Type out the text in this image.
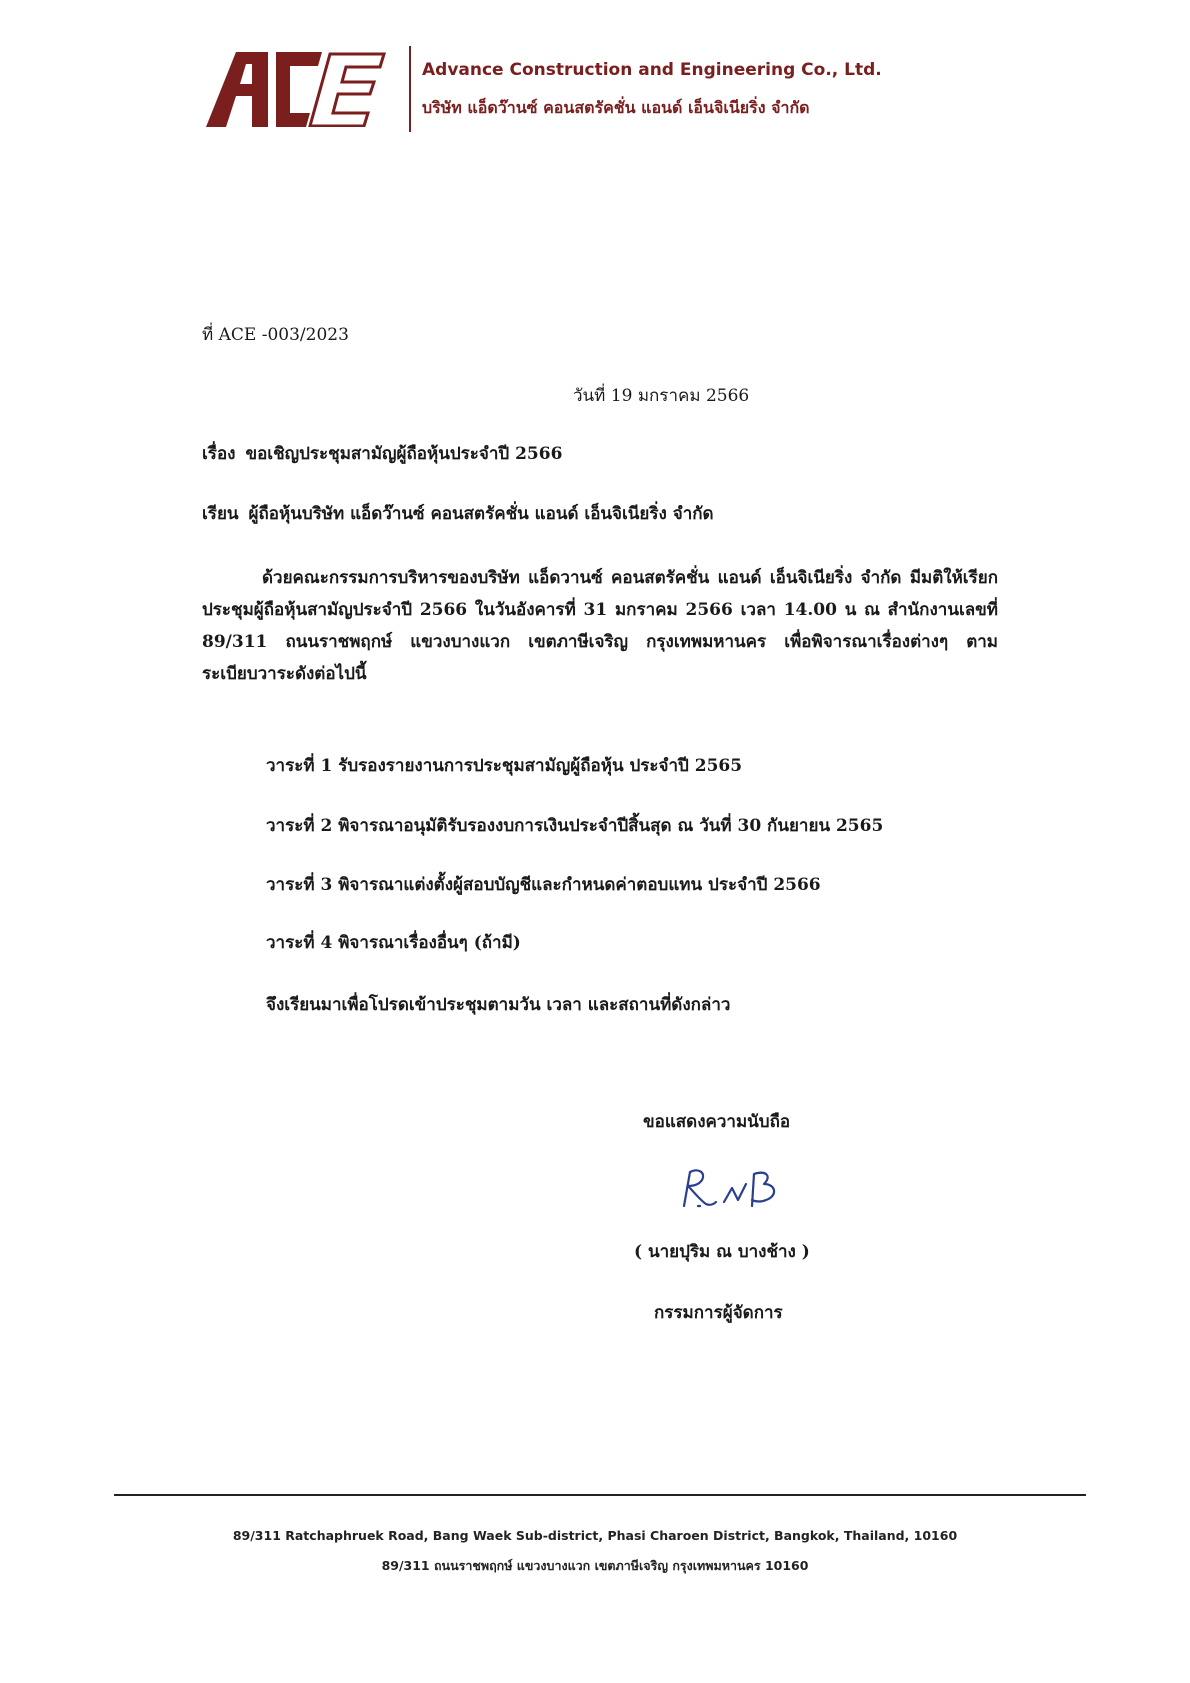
Advance Construction and Engineering Co., Ltd.
บริษัท แอ็ดว๊านซ์ คอนสตรัคชั่น แอนด์ เอ็นจิเนียริ่ง จำกัด
ที่ ACE -003/2023
วันที่ 19 มกราคม 2566
เรื่อง ขอเชิญประชุมสามัญผู้ถือหุ้นประจำปี 2566
เรียน ผู้ถือหุ้นบริษัท แอ็ดว๊านซ์ คอนสตรัคชั่น แอนด์ เอ็นจิเนียริ่ง จำกัด

ด้วยคณะกรรมการบริหารของบริษัท แอ็ดวานซ์ คอนสตรัคชั่น แอนด์ เอ็นจิเนียริ่ง จำกัด มีมติให้เรียกประชุมผู้ถือหุ้นสามัญประจำปี 2566 ในวันอังคารที่ 31 มกราคม 2566 เวลา 14.00 น ณ สำนักงานเลขที่ 89/311 ถนนราชพฤกษ์ แขวงบางแวก เขตภาษีเจริญ กรุงเทพมหานคร เพื่อพิจารณาเรื่องต่างๆ ตามระเบียบวาระดังต่อไปนี้

วาระที่ 1 รับรองรายงานการประชุมสามัญผู้ถือหุ้น ประจำปี 2565
วาระที่ 2 พิจารณาอนุมัติรับรองงบการเงินประจำปีสิ้นสุด ณ วันที่ 30 กันยายน 2565
วาระที่ 3 พิจารณาแต่งตั้งผู้สอบบัญชีและกำหนดค่าตอบแทน ประจำปี 2566
วาระที่ 4 พิจารณาเรื่องอื่นๆ (ถ้ามี)
จึงเรียนมาเพื่อโปรดเข้าประชุมตามวัน เวลา และสถานที่ดังกล่าว
ขอแสดงความนับถือ
( นายปุริม ณ บางช้าง )
กรรมการผู้จัดการ
89/311 Ratchaphruek Road, Bang Waek Sub-district, Phasi Charoen District, Bangkok, Thailand, 10160
89/311 ถนนราชพฤกษ์ แขวงบางแวก เขตภาษีเจริญ กรุงเทพมหานคร 10160
